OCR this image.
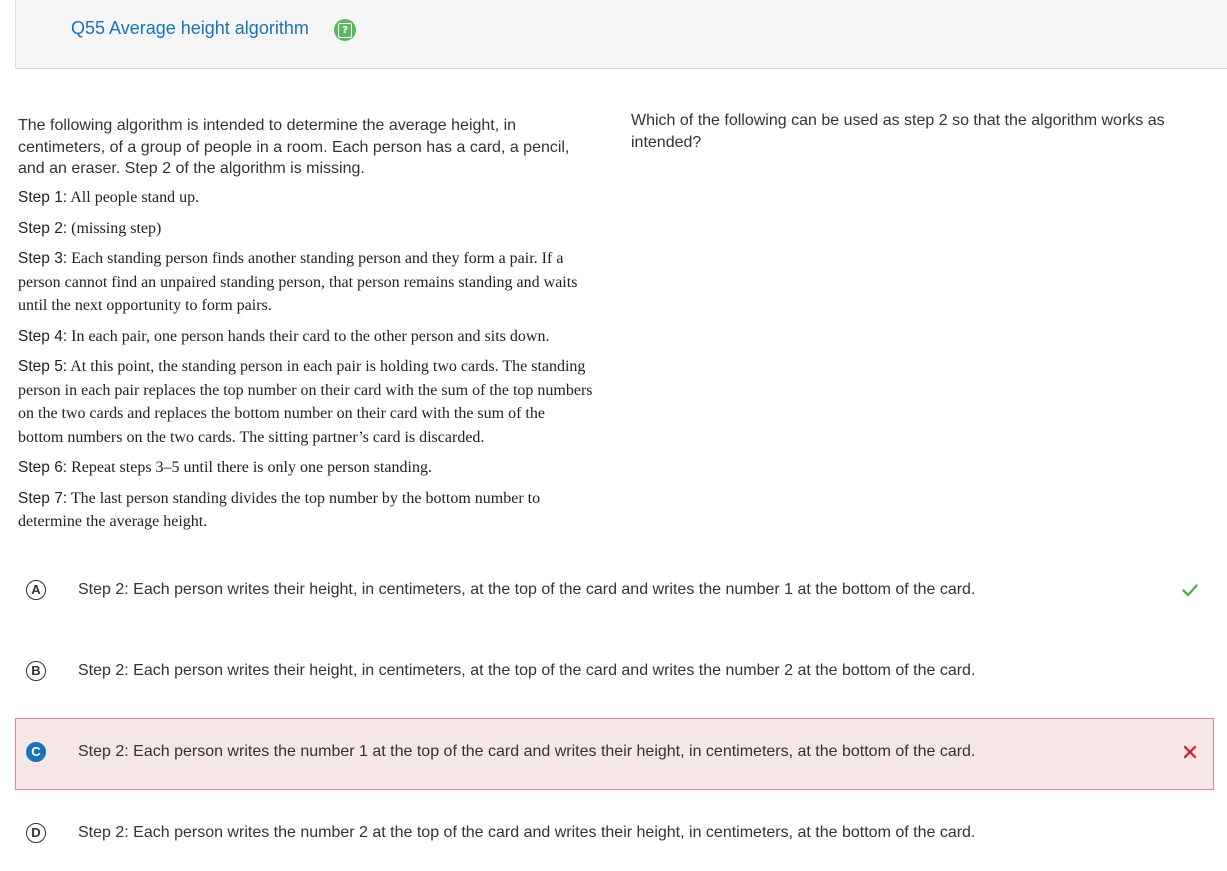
Q55 Average height algorithm	?
The following algorithm is intended to determine the average height, in centimeters, of a group of people in a room. Each person has a card, a pencil, and an eraser. Step 2 of the algorithm is missing.

Step 1: All people stand up.

Step 2: (missing step)

Step 3: Each standing person finds another standing person and they form a pair. If a person cannot find an unpaired standing person, that person remains standing and waits until the next opportunity to form pairs.

Step 4: In each pair, one person hands their card to the other person and sits down.

Step 5: At this point, the standing person in each pair is holding two cards. The standing person in each pair replaces the top number on their card with the sum of the top numbers on the two cards and replaces the bottom number on their card with the sum of the bottom numbers on the two cards. The sitting partner’s card is discarded.

Step 6: Repeat steps 3–5 until there is only one person standing.

Step 7: The last person standing divides the top number by the bottom number to determine the average height.

Which of the following can be used as step 2 so that the algorithm works as intended?
A	Step 2: Each person writes their height, in centimeters, at the top of the card and writes the number 1 at the bottom of the card.
B	Step 2: Each person writes their height, in centimeters, at the top of the card and writes the number 2 at the bottom of the card.
C	Step 2: Each person writes the number 1 at the top of the card and writes their height, in centimeters, at the bottom of the card.
D	Step 2: Each person writes the number 2 at the top of the card and writes their height, in centimeters, at the bottom of the card.
